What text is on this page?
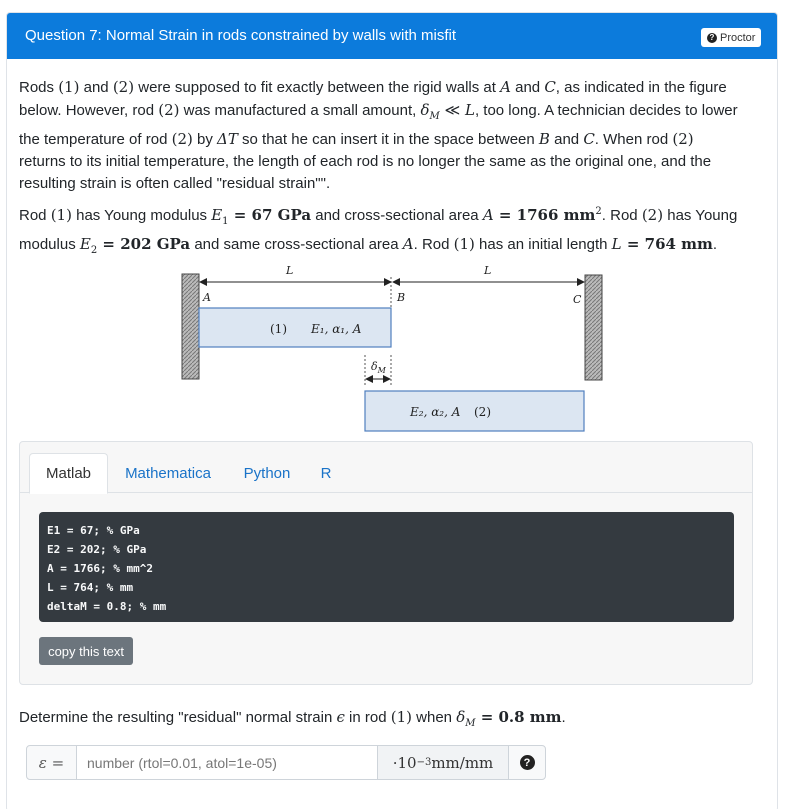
Question 7: Normal Strain in rods constrained by walls with misfit	? Proctor
Rods (1) and (2) were supposed to fit exactly between the rigid walls at A and C, as indicated in the figure
below. However, rod (2) was manufactured a small amount, $\delta_M$ ≪ L, too long. A technician decides to lower
the temperature of rod (2) by ΔT so that he can insert it in the space between B and C. When rod (2)
returns to its initial temperature, the length of each rod is no longer the same as the original one, and the
resulting strain is often called "residual strain"".
Rod (1) has Young modulus $E_1 = 67$ GPa and cross-sectional area A = 1766 $mm^2$. Rod (2) has Young
modulus $E_2 = 202$ GPa and same cross-sectional area A. Rod (1) has an initial length L = 764 mm.
L	L
A	B	C
(1) E₁, α₁, A
$\delta_M$
E₂, α₂, A (2)
Matlab	Mathematica	Python	R
E1 = 67; % GPa
E2 = 202; % GPa
A = 1766; % mm^2
L = 764; % mm
deltaM = 0.8; % mm
copy this text
Determine the resulting "residual" normal strain ϵ in rod (1) when $\delta_M = 0.8$ mm.
ε =
number (rtol=0.01, atol=1e-05)	·10 −3 mm/mm	?
